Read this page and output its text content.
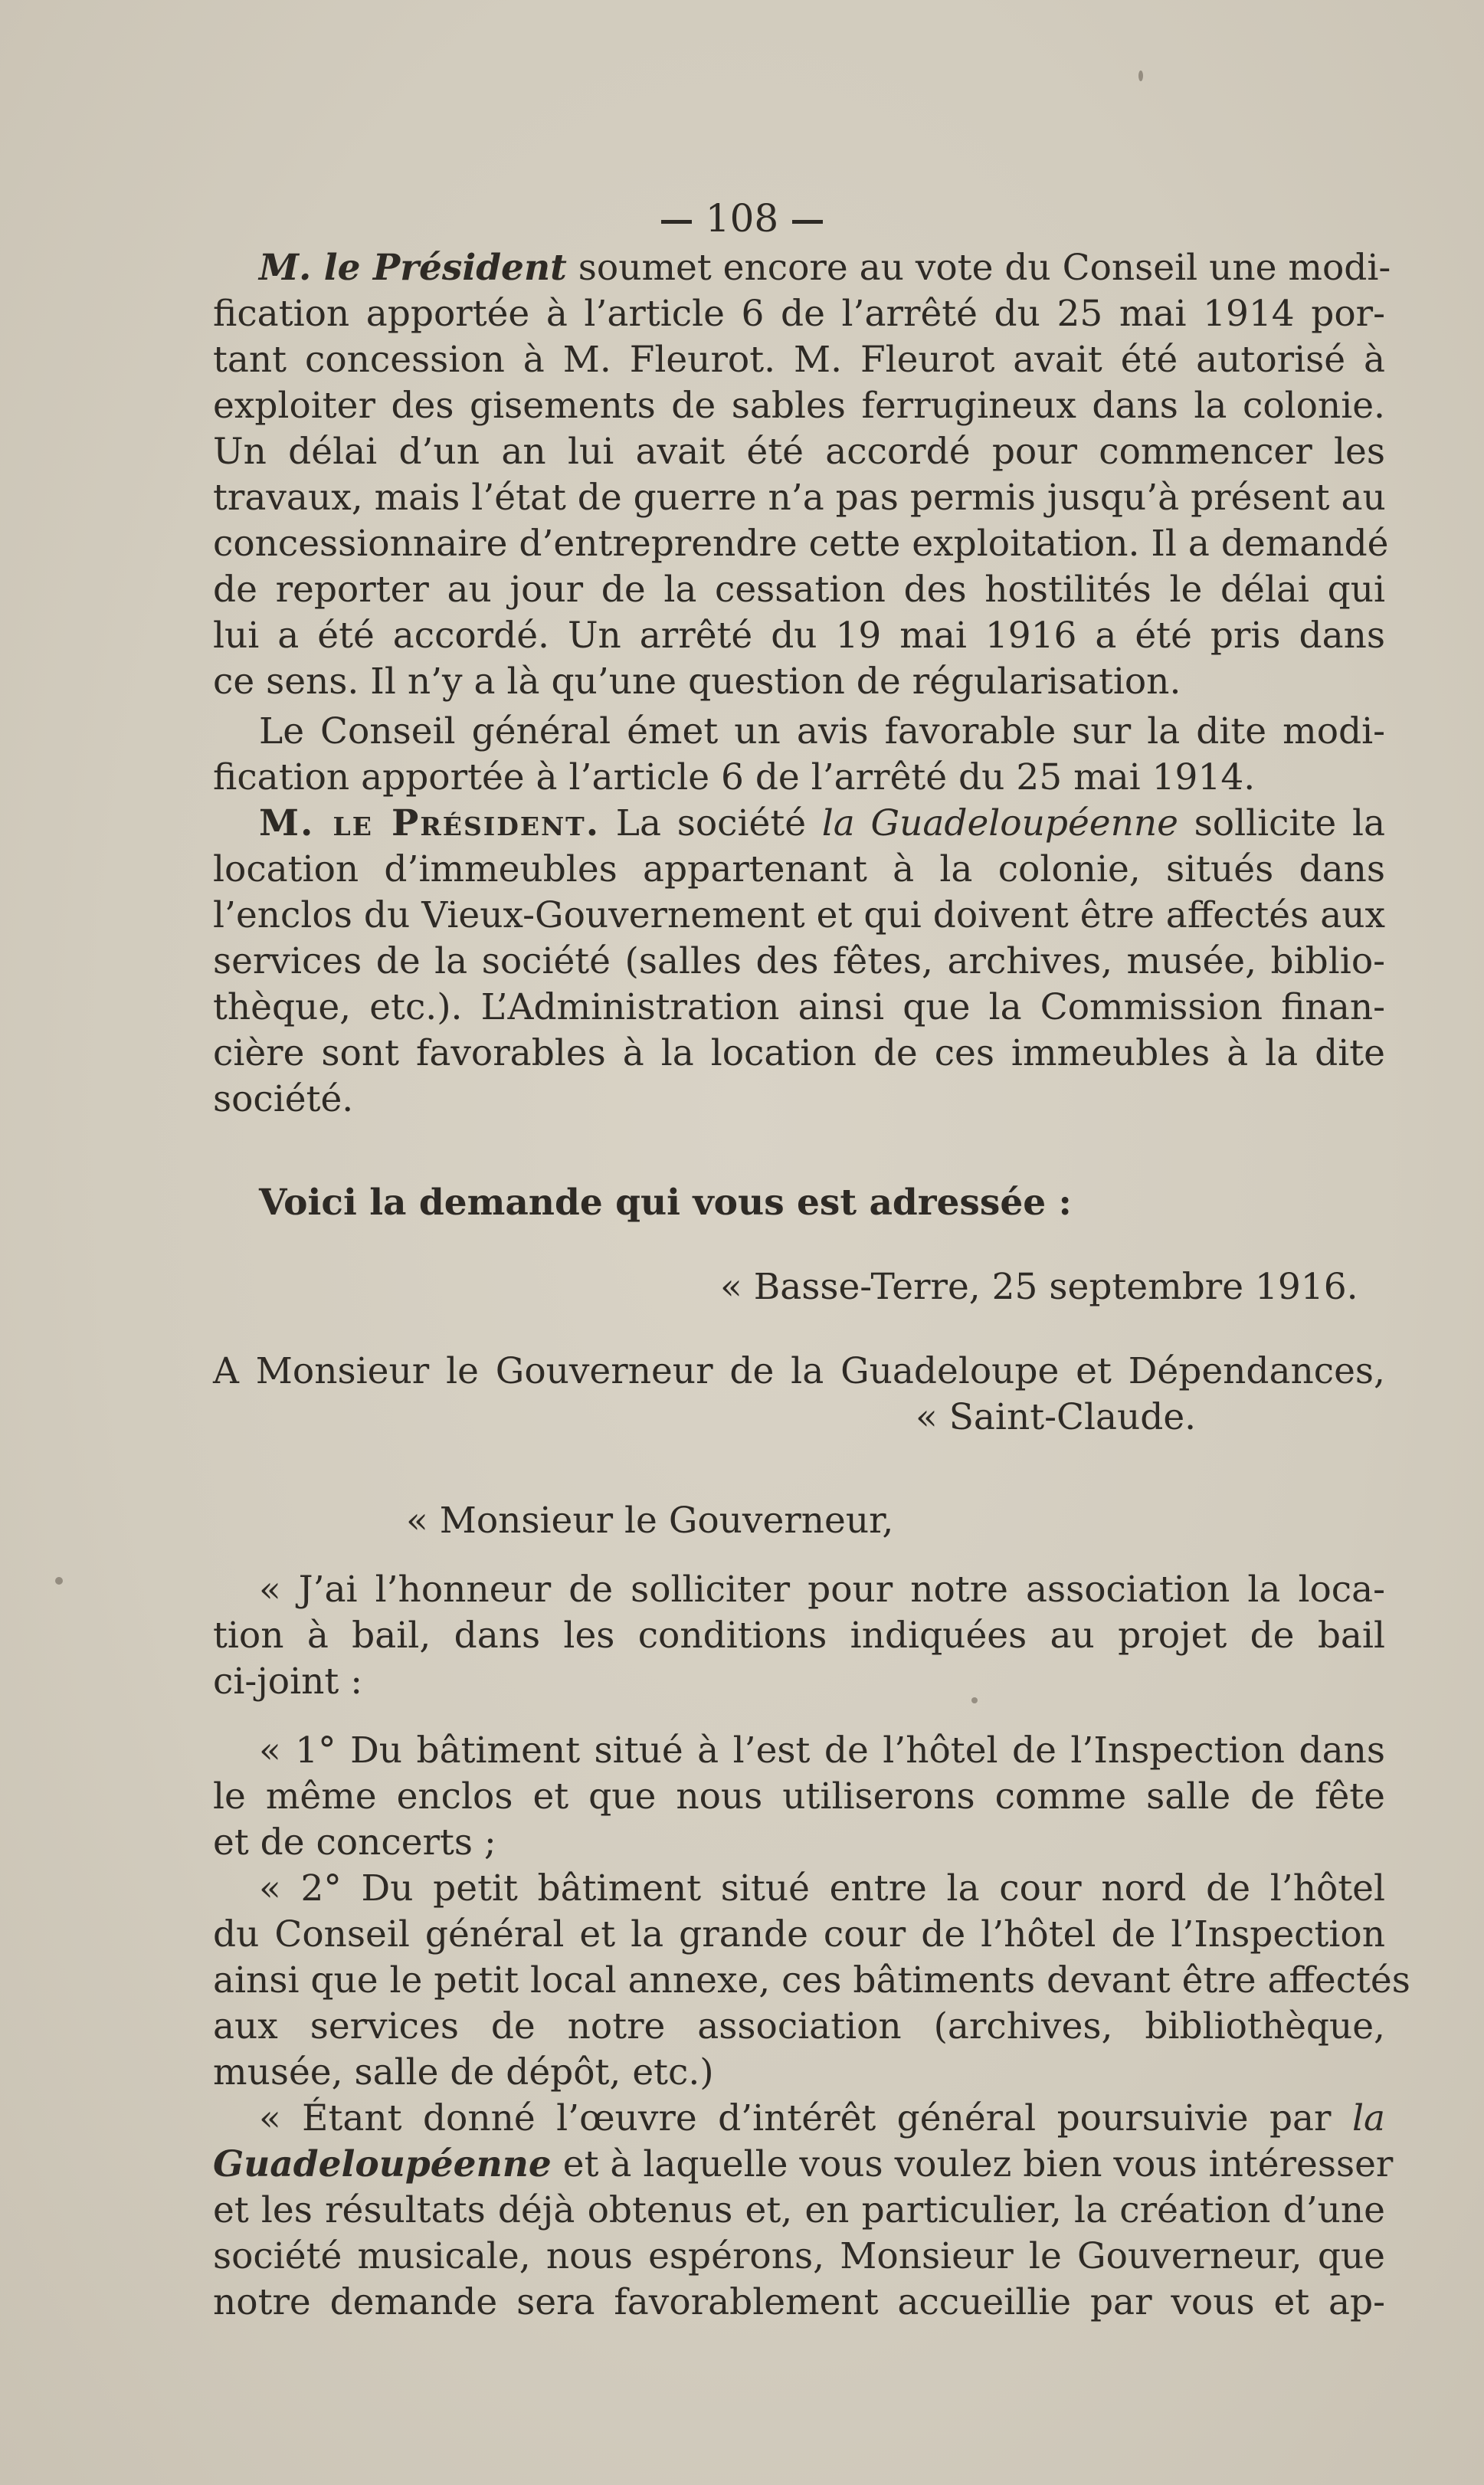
108

M. le Président soumet encore au vote du Conseil une modi-

fication apportée à l’article 6 de l’arrêté du 25 mai 1914 por-

tant concession à M. Fleurot. M. Fleurot avait été autorisé à

exploiter des gisements de sables ferrugineux dans la colonie.

Un délai d’un an lui avait été accordé pour commencer les

travaux, mais l’état de guerre n’a pas permis jusqu’à présent au

concessionnaire d’entreprendre cette exploitation. Il a demandé

de reporter au jour de la cessation des hostilités le délai qui

lui a été accordé. Un arrêté du 19 mai 1916 a été pris dans

ce sens. Il n’y a là qu’une question de régularisation.

Le Conseil général émet un avis favorable sur la dite modi-

fication apportée à l’article 6 de l’arrêté du 25 mai 1914.

M. le Président. La société la Guadeloupéenne sollicite la

location d’immeubles appartenant à la colonie, situés dans

l’enclos du Vieux-Gouvernement et qui doivent être affectés aux

services de la société (salles des fêtes, archives, musée, biblio-

thèque, etc.). L’Administration ainsi que la Commission finan-

cière sont favorables à la location de ces immeubles à la dite

société.

Voici la demande qui vous est adressée :

« Basse-Terre, 25 septembre 1916.

A Monsieur le Gouverneur de la Guadeloupe et Dépendances,

« Saint-Claude.

« Monsieur le Gouverneur,

« J’ai l’honneur de solliciter pour notre association la loca-

tion à bail, dans les conditions indiquées au projet de bail

ci-joint :

« 1° Du bâtiment situé à l’est de l’hôtel de l’Inspection dans

le même enclos et que nous utiliserons comme salle de fête

et de concerts ;

« 2° Du petit bâtiment situé entre la cour nord de l’hôtel

du Conseil général et la grande cour de l’hôtel de l’Inspection

ainsi que le petit local annexe, ces bâtiments devant être affectés

aux services de notre association (archives, bibliothèque,

musée, salle de dépôt, etc.)

« Étant donné l’œuvre d’intérêt général poursuivie par la

Guadeloupéenne et à laquelle vous voulez bien vous intéresser

et les résultats déjà obtenus et, en particulier, la création d’une

société musicale, nous espérons, Monsieur le Gouverneur, que

notre demande sera favorablement accueillie par vous et ap-
